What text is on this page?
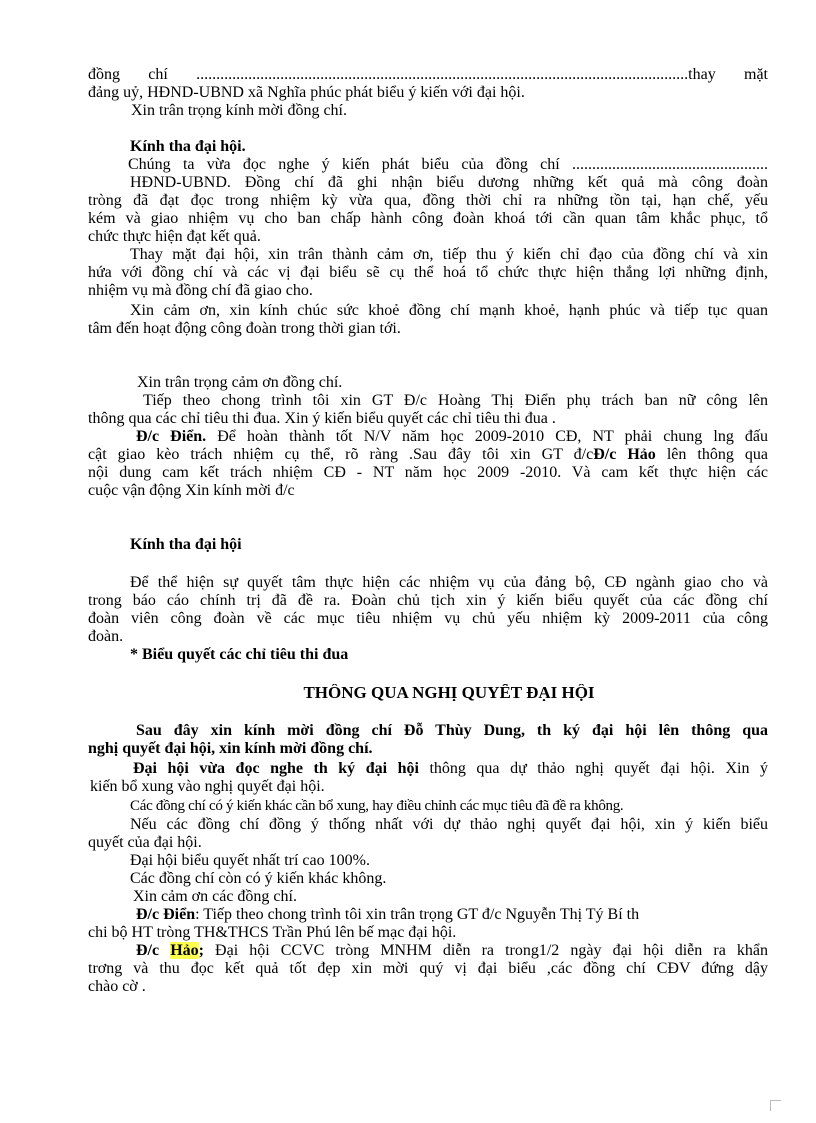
đồng chí ...........................................................................................................................thay mặt
đảng uỷ, HĐND-UBND xã Nghĩa phúc phát biểu ý kiến với đại hội.
Xin trân trọng kính mời đồng chí.
Kính tha đại hội.
Chúng ta vừa đọc nghe ý kiến phát biểu của đồng chí .................................................
HĐND-UBND. Đồng chí đã ghi nhận biểu dương những kết quả mà công đoàn
tròng đã đạt đọc trong nhiệm kỳ vừa qua, đồng thời chỉ ra những tồn tại, hạn chế, yếu
kém và giao nhiệm vụ cho ban chấp hành công đoàn khoá tới cần quan tâm khắc phục, tổ
chức thực hiện đạt kết quả.
Thay mặt đại hội, xin trân thành cảm ơn, tiếp thu ý kiến chỉ đạo của đồng chí và xin
hứa với đồng chí và các vị đại biểu sẽ cụ thể hoá tổ chức thực hiện thắng lợi những định,
nhiệm vụ mà đồng chí đã giao cho.
Xin cảm ơn, xin kính chúc sức khoẻ đồng chí mạnh khoẻ, hạnh phúc và tiếp tục quan
tâm đến hoạt động công đoàn trong thời gian tới.
Xin trân trọng cảm ơn đồng chí.
Tiếp theo chong trình tôi xin GT Đ/c Hoàng Thị Điển phụ trách ban nữ công lên
thông qua các chỉ tiêu thi đua. Xin ý kiến biểu quyết các chỉ tiêu thi đua .
Đ/c Điển. Để hoàn thành tốt N/V năm học 2009-2010 CĐ, NT phải chung lng đấu
cật giao kèo trách nhiệm cụ thể, rõ ràng .Sau đây tôi xin GT đ/cĐ/c Hảo lên thông qua
nội dung cam kết trách nhiệm CĐ - NT năm học 2009 -2010. Và cam kết thực hiện các
cuộc vận động Xin kính mời đ/c
Kính tha đại hội
Để thể hiện sự quyết tâm thực hiện các nhiệm vụ của đảng bộ, CĐ ngành giao cho và
trong báo cáo chính trị đã đề ra. Đoàn chủ tịch xin ý kiến biểu quyết của các đồng chí
đoàn viên công đoàn về các mục tiêu nhiệm vụ chủ yếu nhiệm kỳ 2009-2011 của công
đoàn.
* Biểu quyết các chỉ tiêu thi đua
THÔNG QUA NGHỊ QUYẾT ĐẠI HỘI
Sau đây xin kính mời đồng chí Đỗ Thùy Dung, th ký đại hội lên thông qua
nghị quyết đại hội, xin kính mời đồng chí.
Đại hội vừa đọc nghe th ký đại hội thông qua dự thảo nghị quyết đại hội. Xin ý
kiến bổ xung vào nghị quyết đại hội.
Các đồng chí có ý kiến khác cần bổ xung, hay điều chỉnh các mục tiêu đã đề ra không.
Nếu các đồng chí đồng ý thống nhất với dự thảo nghị quyết đại hội, xin ý kiến biểu
quyết của đại hội.
Đại hội biểu quyết nhất trí cao 100%.
Các đồng chí còn có ý kiến khác không.
Xin cảm ơn các đồng chí.
Đ/c Điển: Tiếp theo chong trình tôi xin trân trọng GT đ/c Nguyễn Thị Tý Bí th
chi bộ HT tròng TH&THCS Trần Phú lên bế mạc đại hội.
Đ/c Hảo; Đại hội CCVC tròng MNHM diễn ra trong1/2 ngày đại hội diễn ra khẩn
trơng và thu đọc kết quả tốt đẹp xin mời quý vị đại biểu ,các đồng chí CĐV đứng dậy
chào cờ .
